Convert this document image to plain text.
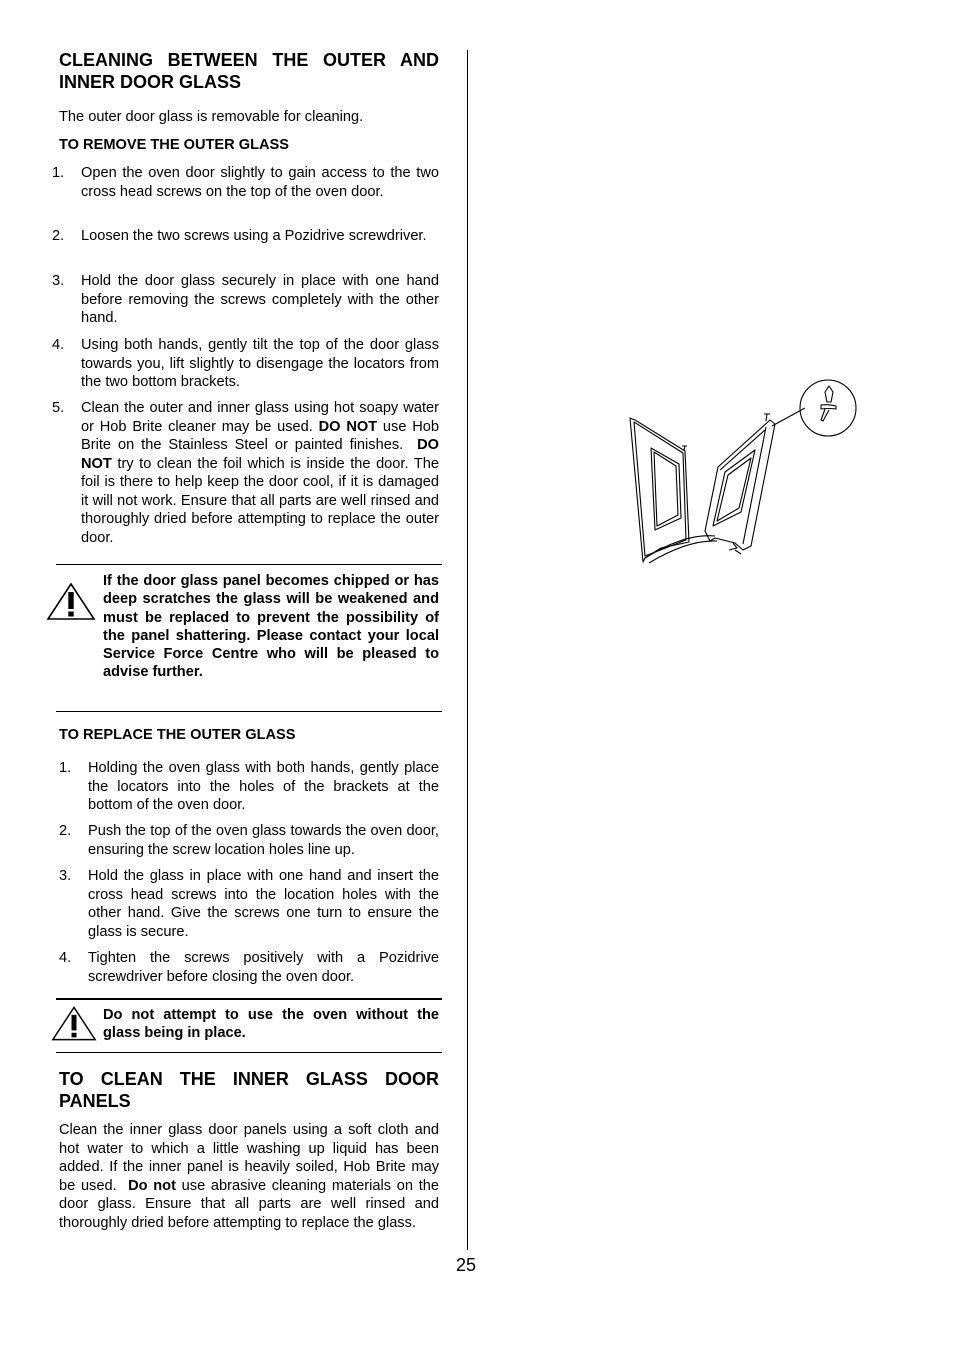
CLEANING BETWEEN THE OUTER AND INNER DOOR GLASS

The outer door glass is removable for cleaning.

TO REMOVE THE OUTER GLASS

1. Open the oven door slightly to gain access to the two cross head screws on the top of the oven door.
2. Loosen the two screws using a Pozidrive screwdriver.
3. Hold the door glass securely in place with one hand before removing the screws completely with the other hand.
4. Using both hands, gently tilt the top of the door glass towards you, lift slightly to disengage the locators from the two bottom brackets.
5. Clean the outer and inner glass using hot soapy water or Hob Brite cleaner may be used. DO NOT use Hob Brite on the Stainless Steel or painted finishes. DO NOT try to clean the foil which is inside the door. The foil is there to help keep the door cool, if it is damaged it will not work. Ensure that all parts are well rinsed and thoroughly dried before attempting to replace the outer door.
If the door glass panel becomes chipped or has deep scratches the glass will be weakened and must be replaced to prevent the possibility of the panel shattering. Please contact your local Service Force Centre who will be pleased to advise further.

TO REPLACE THE OUTER GLASS

1. Holding the oven glass with both hands, gently place the locators into the holes of the brackets at the bottom of the oven door.
2. Push the top of the oven glass towards the oven door, ensuring the screw location holes line up.
3. Hold the glass in place with one hand and insert the cross head screws into the location holes with the other hand. Give the screws one turn to ensure the glass is secure.
4. Tighten the screws positively with a Pozidrive screwdriver before closing the oven door.
Do not attempt to use the oven without the glass being in place.

TO CLEAN THE INNER GLASS DOOR PANELS

Clean the inner glass door panels using a soft cloth and hot water to which a little washing up liquid has been added. If the inner panel is heavily soiled, Hob Brite may be used. Do not use abrasive cleaning materials on the door glass. Ensure that all parts are well rinsed and thoroughly dried before attempting to replace the glass.

25
